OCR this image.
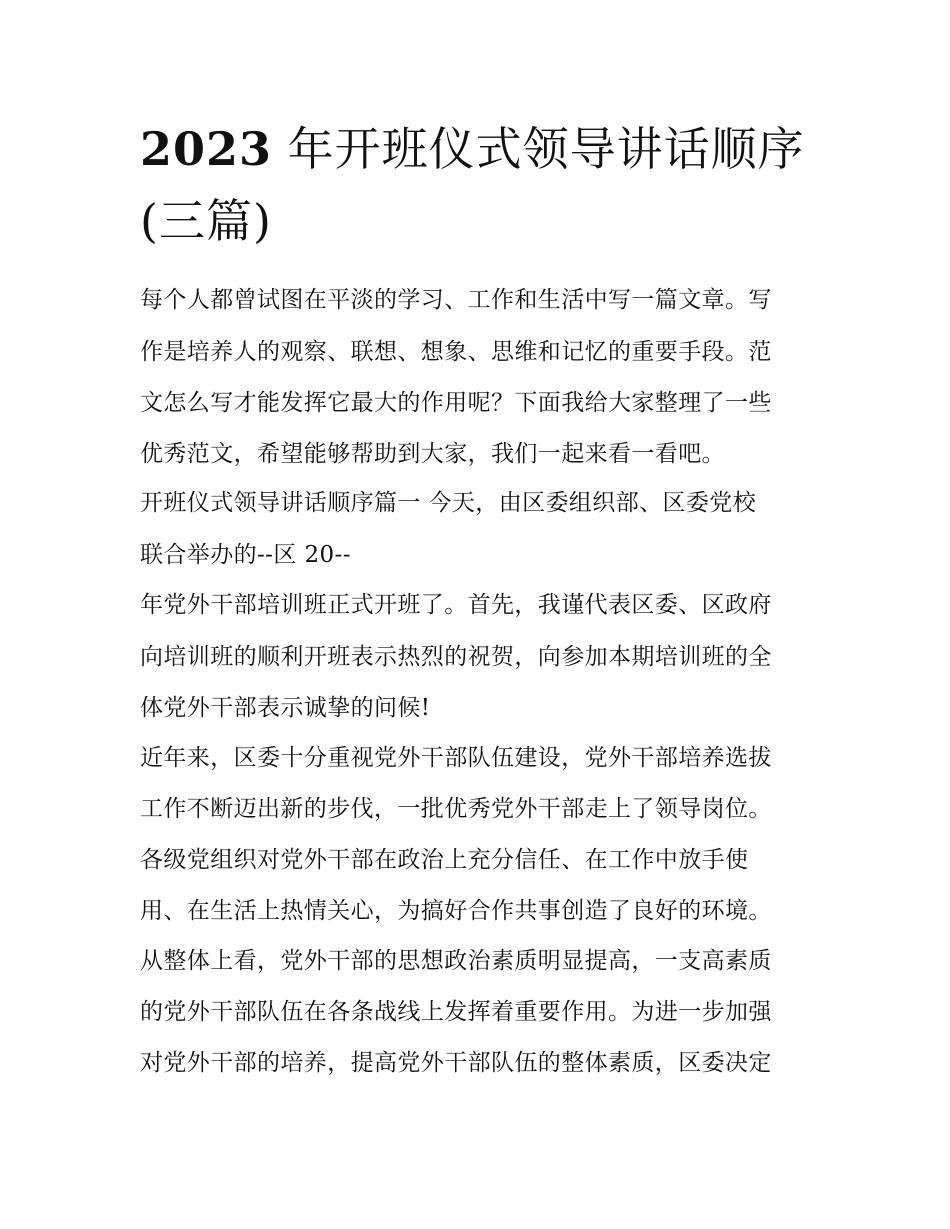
2023 年开班仪式领导讲话顺序
(三篇)
每个人都曾试图在平淡的学习、工作和生活中写一篇文章。写
作是培养人的观察、联想、想象、思维和记忆的重要手段。范
文怎么写才能发挥它最大的作用呢？下面我给大家整理了一些
优秀范文，希望能够帮助到大家，我们一起来看一看吧。
开班仪式领导讲话顺序篇一 今天，由区委组织部、区委党校
联合举办的--区 20--
年党外干部培训班正式开班了。首先，我谨代表区委、区政府
向培训班的顺利开班表示热烈的祝贺，向参加本期培训班的全
体党外干部表示诚挚的问候!
近年来，区委十分重视党外干部队伍建设，党外干部培养选拔
工作不断迈出新的步伐，一批优秀党外干部走上了领导岗位。
各级党组织对党外干部在政治上充分信任、在工作中放手使
用、在生活上热情关心，为搞好合作共事创造了良好的环境。
从整体上看，党外干部的思想政治素质明显提高，一支高素质
的党外干部队伍在各条战线上发挥着重要作用。为进一步加强
对党外干部的培养，提高党外干部队伍的整体素质，区委决定
